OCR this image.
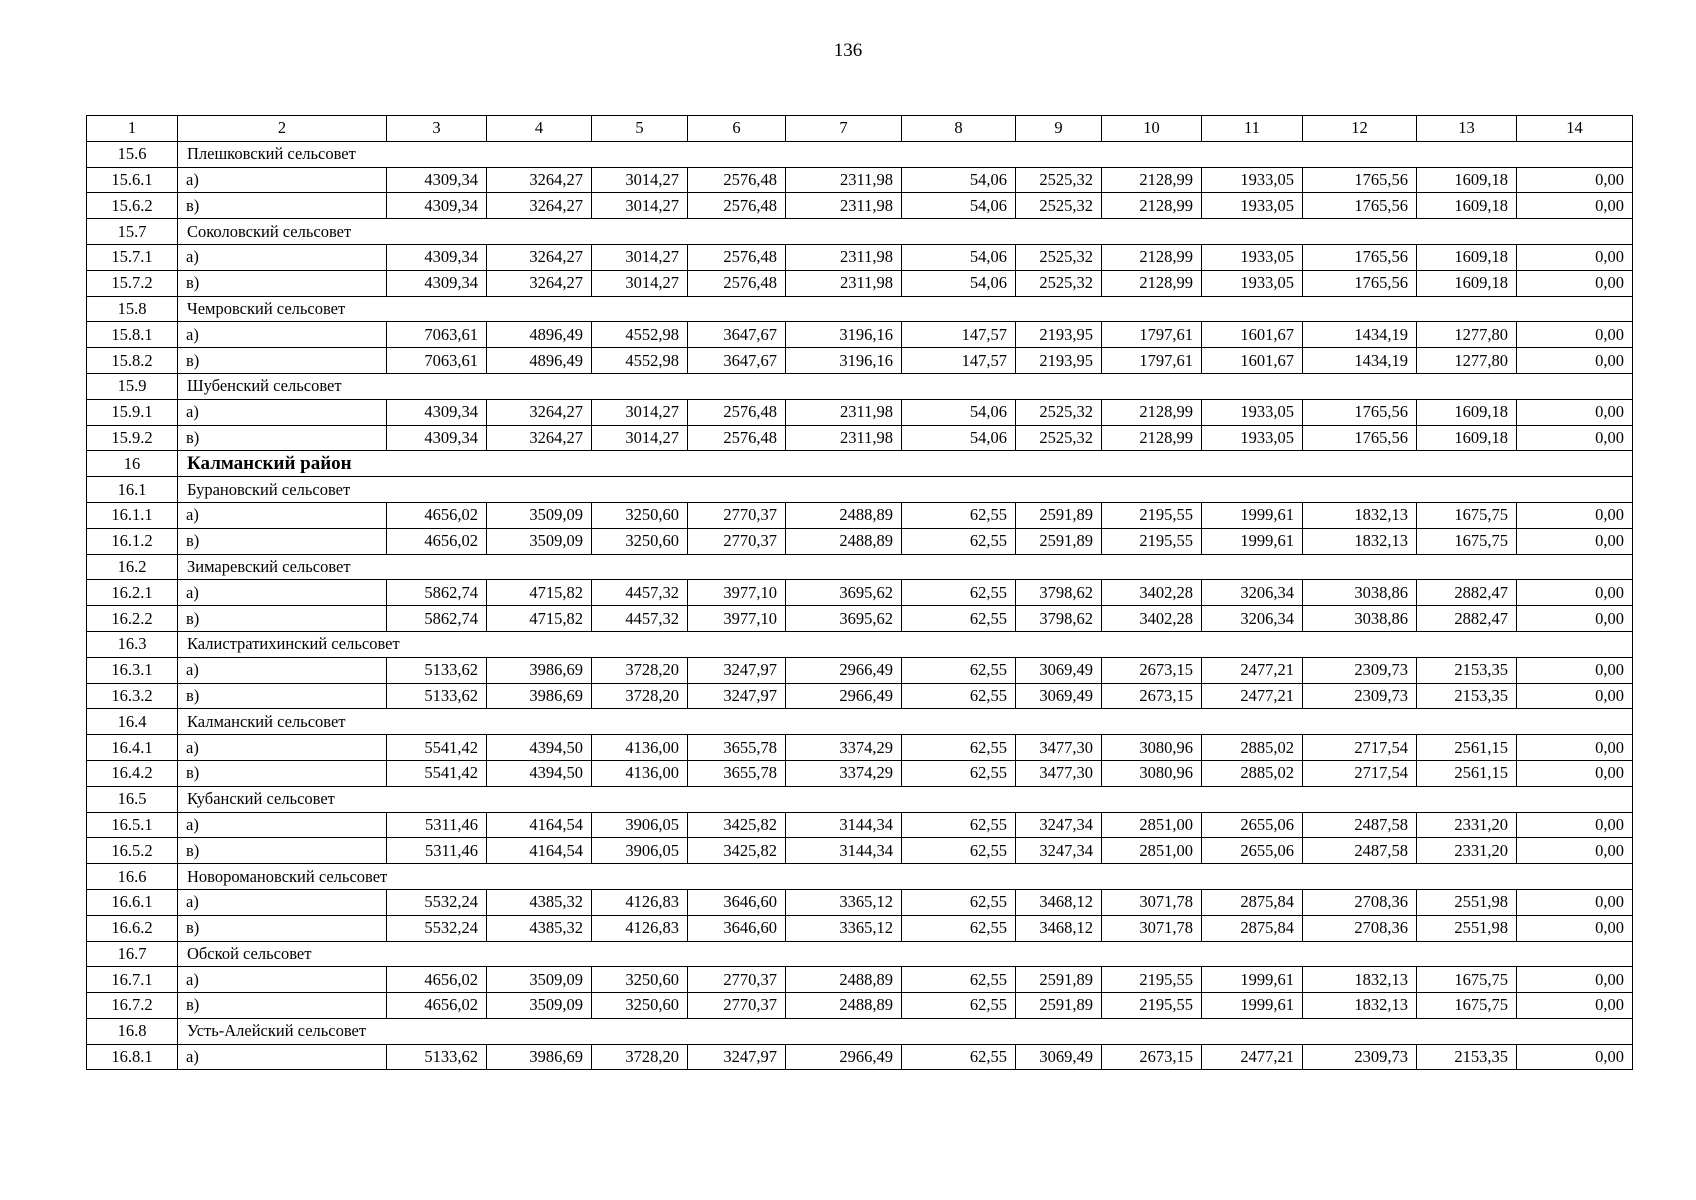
136
1	2	3	4	5	6	7	8	9	10	11	12	13	14
15.6	Плешковский сельсовет												
15.6.1	а)	4309,34	3264,27	3014,27	2576,48	2311,98	54,06	2525,32	2128,99	1933,05	1765,56	1609,18	0,00
15.6.2	в)	4309,34	3264,27	3014,27	2576,48	2311,98	54,06	2525,32	2128,99	1933,05	1765,56	1609,18	0,00
15.7	Соколовский сельсовет												
15.7.1	а)	4309,34	3264,27	3014,27	2576,48	2311,98	54,06	2525,32	2128,99	1933,05	1765,56	1609,18	0,00
15.7.2	в)	4309,34	3264,27	3014,27	2576,48	2311,98	54,06	2525,32	2128,99	1933,05	1765,56	1609,18	0,00
15.8	Чемровский сельсовет												
15.8.1	а)	7063,61	4896,49	4552,98	3647,67	3196,16	147,57	2193,95	1797,61	1601,67	1434,19	1277,80	0,00
15.8.2	в)	7063,61	4896,49	4552,98	3647,67	3196,16	147,57	2193,95	1797,61	1601,67	1434,19	1277,80	0,00
15.9	Шубенский сельсовет												
15.9.1	а)	4309,34	3264,27	3014,27	2576,48	2311,98	54,06	2525,32	2128,99	1933,05	1765,56	1609,18	0,00
15.9.2	в)	4309,34	3264,27	3014,27	2576,48	2311,98	54,06	2525,32	2128,99	1933,05	1765,56	1609,18	0,00
16	Калманский район												
16.1	Бурановский сельсовет												
16.1.1	а)	4656,02	3509,09	3250,60	2770,37	2488,89	62,55	2591,89	2195,55	1999,61	1832,13	1675,75	0,00
16.1.2	в)	4656,02	3509,09	3250,60	2770,37	2488,89	62,55	2591,89	2195,55	1999,61	1832,13	1675,75	0,00
16.2	Зимаревский сельсовет												
16.2.1	а)	5862,74	4715,82	4457,32	3977,10	3695,62	62,55	3798,62	3402,28	3206,34	3038,86	2882,47	0,00
16.2.2	в)	5862,74	4715,82	4457,32	3977,10	3695,62	62,55	3798,62	3402,28	3206,34	3038,86	2882,47	0,00
16.3	Калистратихинский сельсовет												
16.3.1	а)	5133,62	3986,69	3728,20	3247,97	2966,49	62,55	3069,49	2673,15	2477,21	2309,73	2153,35	0,00
16.3.2	в)	5133,62	3986,69	3728,20	3247,97	2966,49	62,55	3069,49	2673,15	2477,21	2309,73	2153,35	0,00
16.4	Калманский сельсовет												
16.4.1	а)	5541,42	4394,50	4136,00	3655,78	3374,29	62,55	3477,30	3080,96	2885,02	2717,54	2561,15	0,00
16.4.2	в)	5541,42	4394,50	4136,00	3655,78	3374,29	62,55	3477,30	3080,96	2885,02	2717,54	2561,15	0,00
16.5	Кубанский сельсовет												
16.5.1	а)	5311,46	4164,54	3906,05	3425,82	3144,34	62,55	3247,34	2851,00	2655,06	2487,58	2331,20	0,00
16.5.2	в)	5311,46	4164,54	3906,05	3425,82	3144,34	62,55	3247,34	2851,00	2655,06	2487,58	2331,20	0,00
16.6	Новоромановский сельсовет												
16.6.1	а)	5532,24	4385,32	4126,83	3646,60	3365,12	62,55	3468,12	3071,78	2875,84	2708,36	2551,98	0,00
16.6.2	в)	5532,24	4385,32	4126,83	3646,60	3365,12	62,55	3468,12	3071,78	2875,84	2708,36	2551,98	0,00
16.7	Обской сельсовет												
16.7.1	а)	4656,02	3509,09	3250,60	2770,37	2488,89	62,55	2591,89	2195,55	1999,61	1832,13	1675,75	0,00
16.7.2	в)	4656,02	3509,09	3250,60	2770,37	2488,89	62,55	2591,89	2195,55	1999,61	1832,13	1675,75	0,00
16.8	Усть-Алейский сельсовет												
16.8.1	а)	5133,62	3986,69	3728,20	3247,97	2966,49	62,55	3069,49	2673,15	2477,21	2309,73	2153,35	0,00
